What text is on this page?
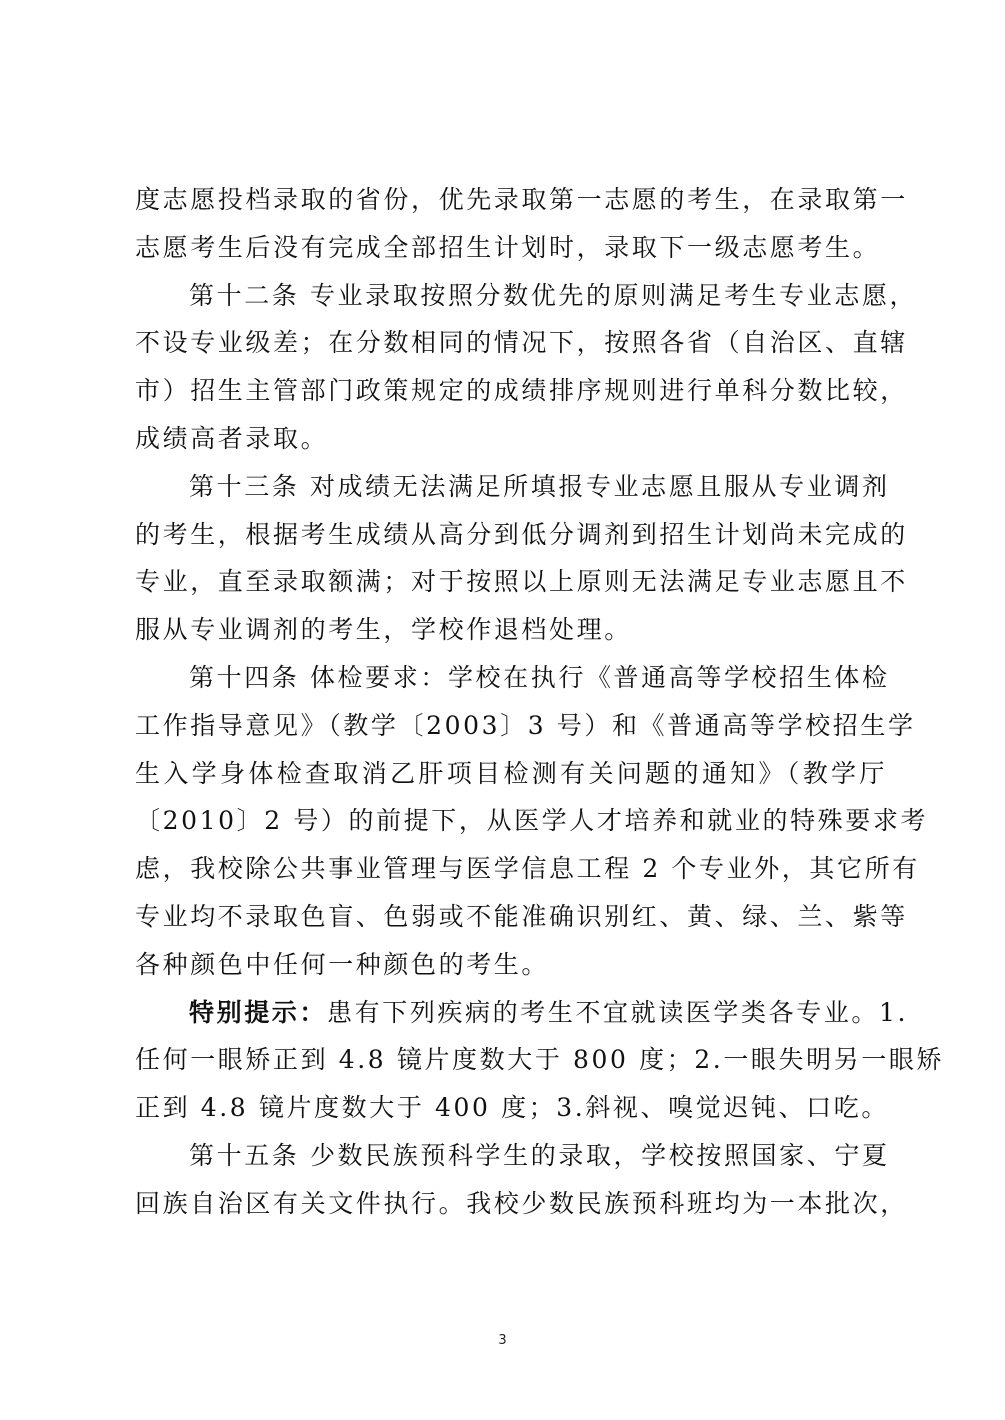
度志愿投档录取的省份，优先录取第一志愿的考生，在录取第一
志愿考生后没有完成全部招生计划时，录取下一级志愿考生。
第十二条 专业录取按照分数优先的原则满足考生专业志愿，
不设专业级差；在分数相同的情况下，按照各省（自治区、直辖
市）招生主管部门政策规定的成绩排序规则进行单科分数比较，
成绩高者录取。
第十三条 对成绩无法满足所填报专业志愿且服从专业调剂
的考生，根据考生成绩从高分到低分调剂到招生计划尚未完成的
专业，直至录取额满；对于按照以上原则无法满足专业志愿且不
服从专业调剂的考生，学校作退档处理。
第十四条 体检要求：学校在执行《普通高等学校招生体检
工作指导意见》（教学〔2003〕3 号）和《普通高等学校招生学
生入学身体检查取消乙肝项目检测有关问题的通知》（教学厅
〔2010〕2 号）的前提下，从医学人才培养和就业的特殊要求考
虑，我校除公共事业管理与医学信息工程 2 个专业外，其它所有
专业均不录取色盲、色弱或不能准确识别红、黄、绿、兰、紫等
各种颜色中任何一种颜色的考生。
特别提示：患有下列疾病的考生不宜就读医学类各专业。1.
任何一眼矫正到 4.8 镜片度数大于 800 度；2.一眼失明另一眼矫
正到 4.8 镜片度数大于 400 度；3.斜视、嗅觉迟钝、口吃。
第十五条 少数民族预科学生的录取，学校按照国家、宁夏
回族自治区有关文件执行。我校少数民族预科班均为一本批次，
3
